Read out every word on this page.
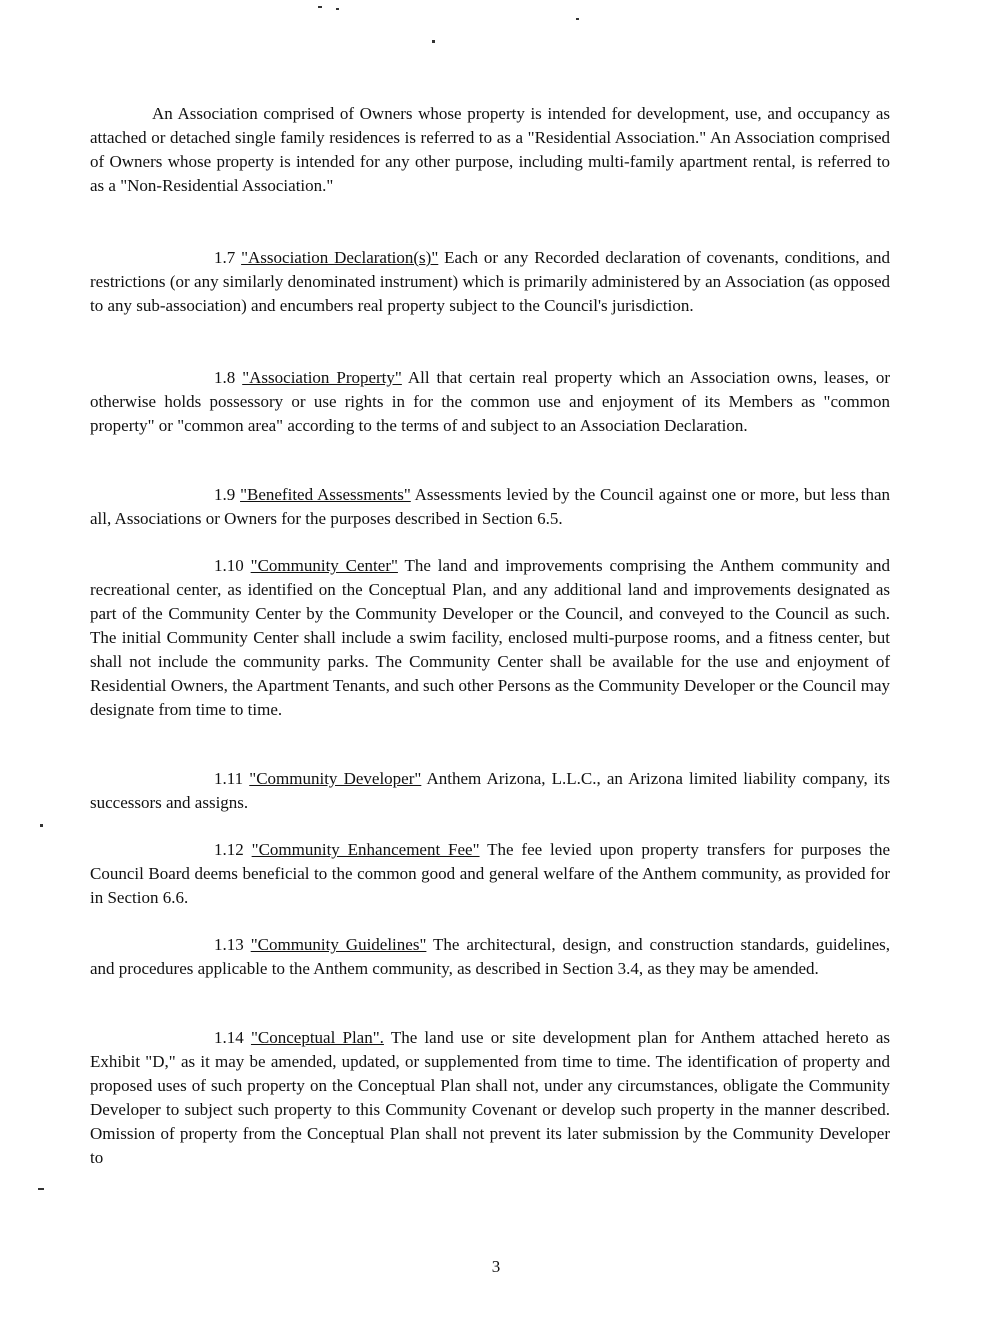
An Association comprised of Owners whose property is intended for development, use, and occupancy as attached or detached single family residences is referred to as a "Residential Association." An Association comprised of Owners whose property is intended for any other purpose, including multi-family apartment rental, is referred to as a "Non-Residential Association."

1.7 "Association Declaration(s)" Each or any Recorded declaration of covenants, conditions, and restrictions (or any similarly denominated instrument) which is primarily administered by an Association (as opposed to any sub-association) and encumbers real property subject to the Council's jurisdiction.

1.8 "Association Property" All that certain real property which an Association owns, leases, or otherwise holds possessory or use rights in for the common use and enjoyment of its Members as "common property" or "common area" according to the terms of and subject to an Association Declaration.

1.9 "Benefited Assessments" Assessments levied by the Council against one or more, but less than all, Associations or Owners for the purposes described in Section 6.5.

1.10 "Community Center" The land and improvements comprising the Anthem community and recreational center, as identified on the Conceptual Plan, and any additional land and improvements designated as part of the Community Center by the Community Developer or the Council, and conveyed to the Council as such. The initial Community Center shall include a swim facility, enclosed multi-purpose rooms, and a fitness center, but shall not include the community parks. The Community Center shall be available for the use and enjoyment of Residential Owners, the Apartment Tenants, and such other Persons as the Community Developer or the Council may designate from time to time.

1.11 "Community Developer" Anthem Arizona, L.L.C., an Arizona limited liability company, its successors and assigns.

1.12 "Community Enhancement Fee" The fee levied upon property transfers for purposes the Council Board deems beneficial to the common good and general welfare of the Anthem community, as provided for in Section 6.6.

1.13 "Community Guidelines" The architectural, design, and construction standards, guidelines, and procedures applicable to the Anthem community, as described in Section 3.4, as they may be amended.

1.14 "Conceptual Plan". The land use or site development plan for Anthem attached hereto as Exhibit "D," as it may be amended, updated, or supplemented from time to time. The identification of property and proposed uses of such property on the Conceptual Plan shall not, under any circumstances, obligate the Community Developer to subject such property to this Community Covenant or develop such property in the manner described. Omission of property from the Conceptual Plan shall not prevent its later submission by the Community Developer to

3
